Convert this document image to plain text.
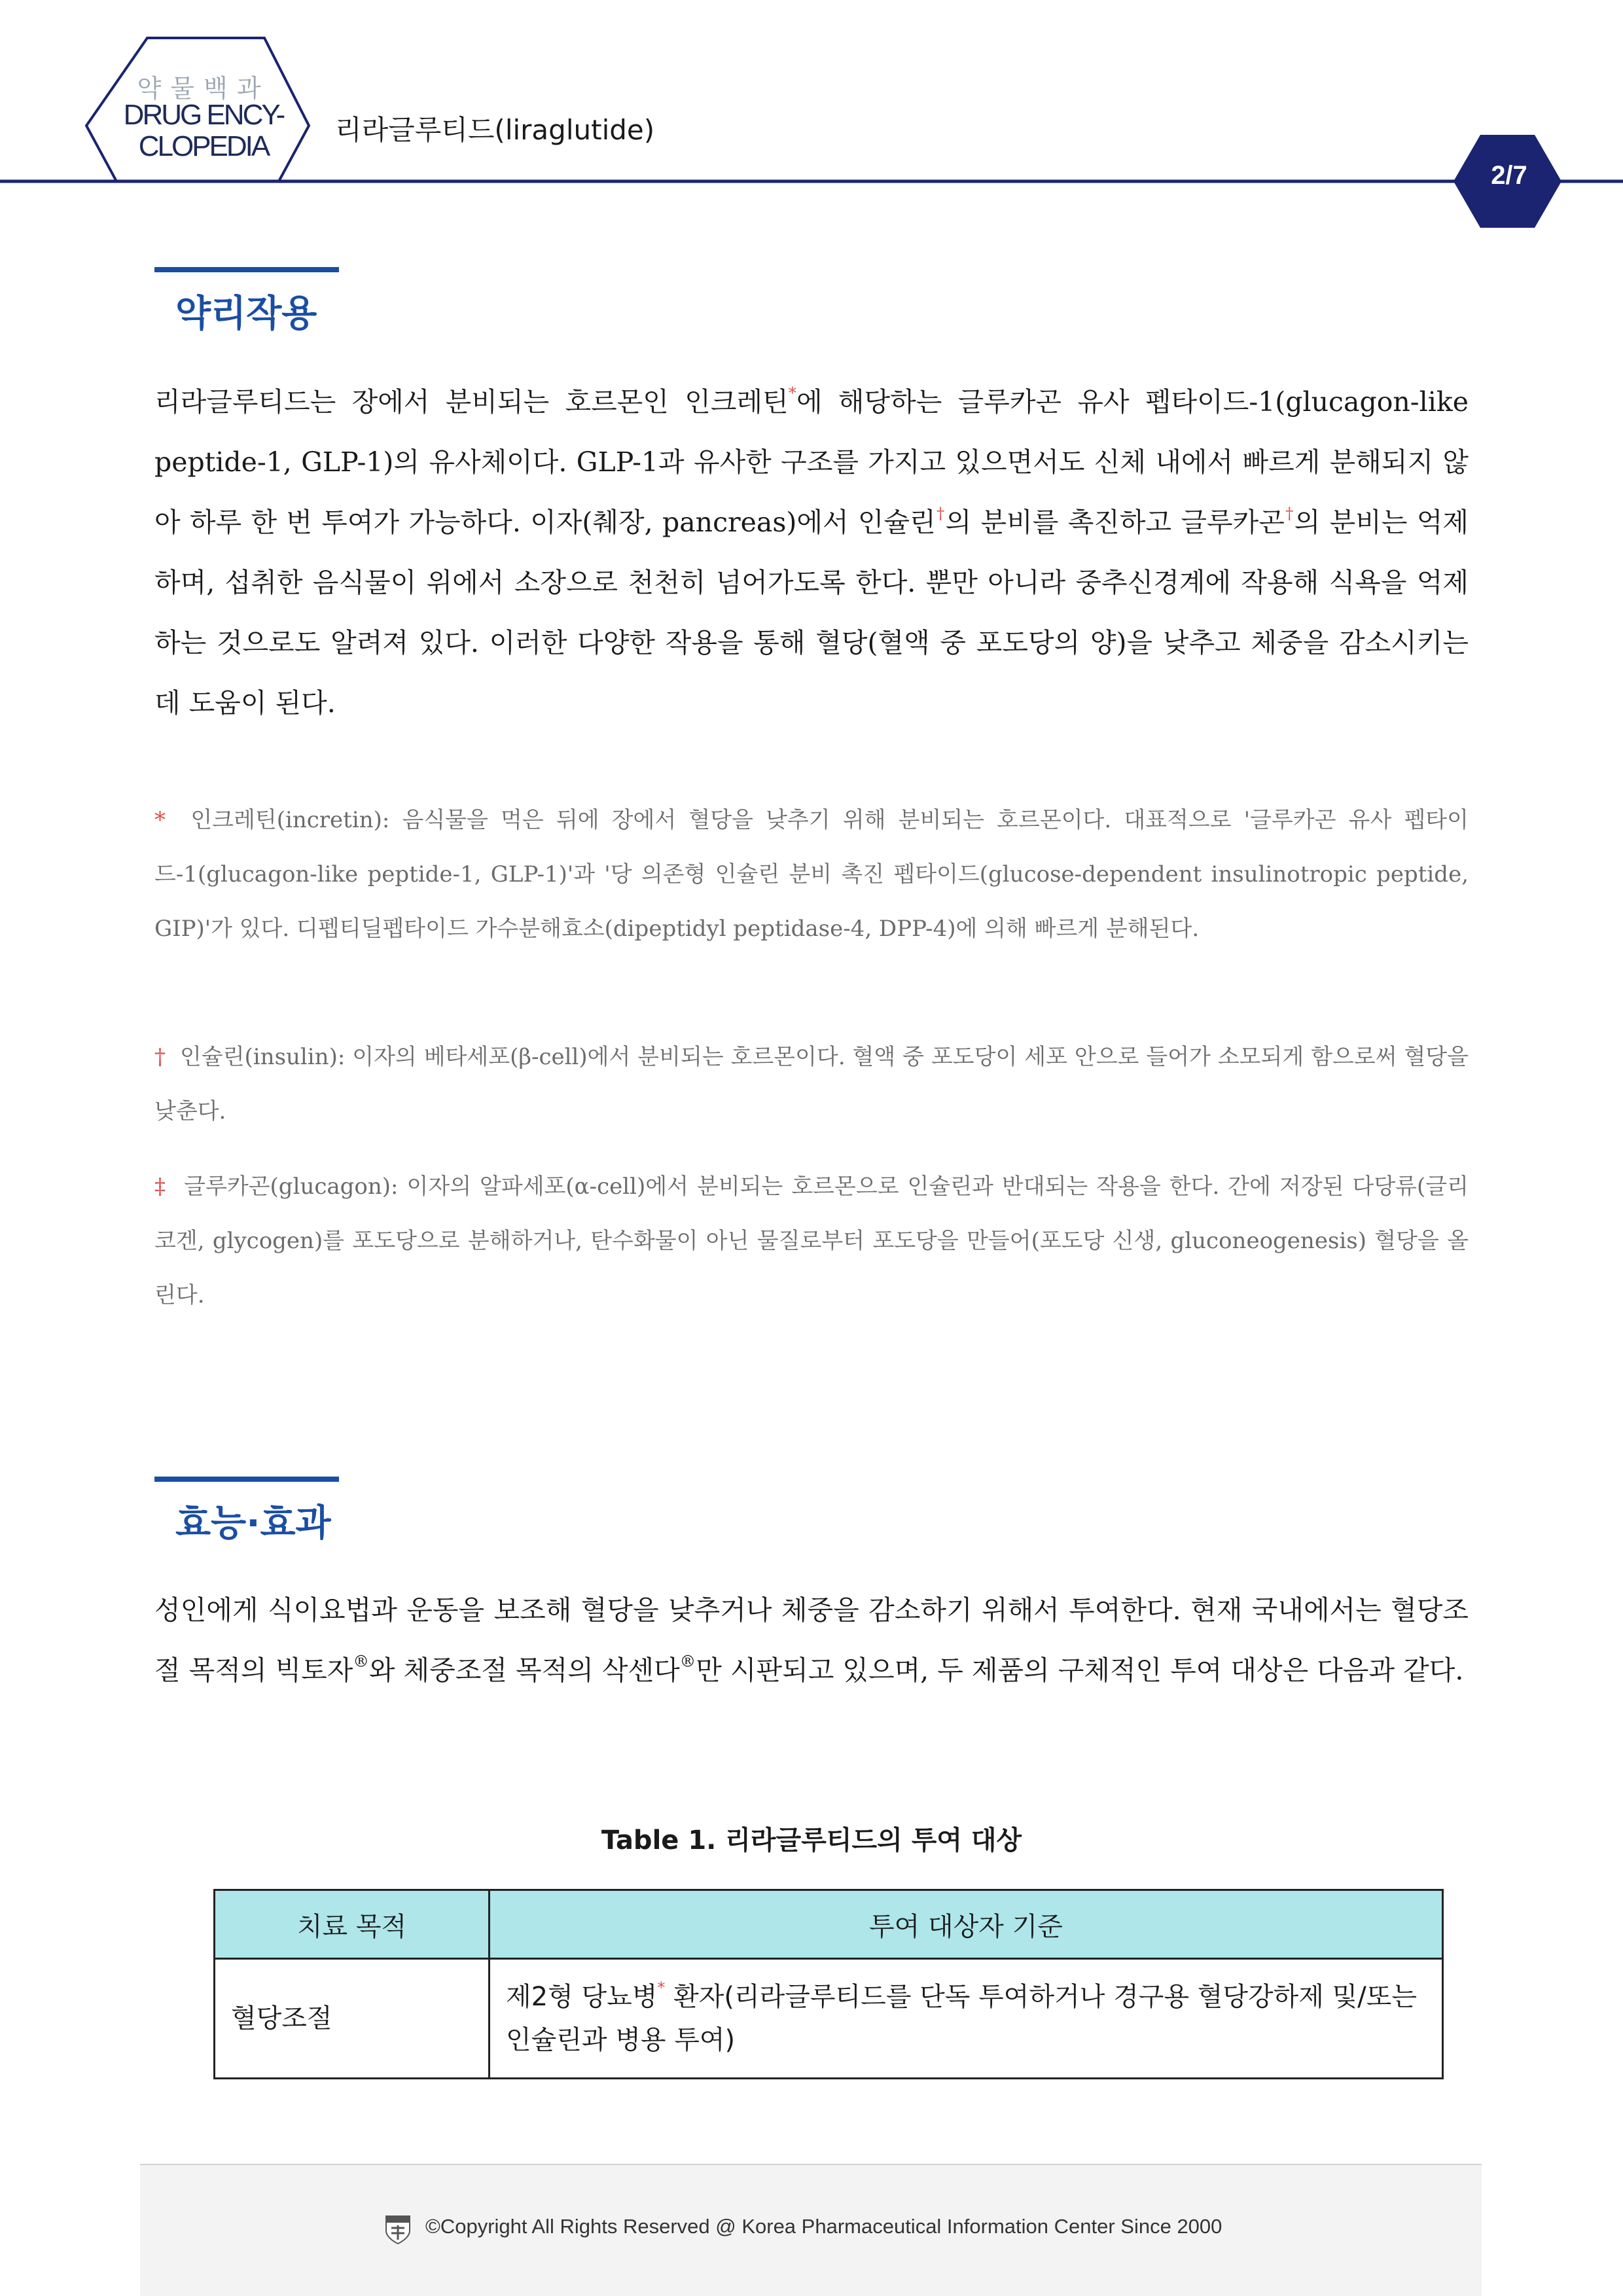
약물백과
DRUG ENCY-
CLOPEDIA
리라글루티드(liraglutide)
2/7
약리작용

리라글루티드는 장에서 분비되는 호르몬인 인크레틴*에 해당하는 글루카곤 유사 펩타이드-1(glucagon-like peptide-1, GLP-1)의 유사체이다. GLP-1과 유사한 구조를 가지고 있으면서도 신체 내에서 빠르게 분해되지 않아 하루 한 번 투여가 가능하다. 이자(췌장, pancreas)에서 인슐린†의 분비를 촉진하고 글루카곤†의 분비는 억제하며, 섭취한 음식물이 위에서 소장으로 천천히 넘어가도록 한다. 뿐만 아니라 중추신경계에 작용해 식욕을 억제하는 것으로도 알려져 있다. 이러한 다양한 작용을 통해 혈당(혈액 중 포도당의 양)을 낮추고 체중을 감소시키는 데 도움이 된다.

* 인크레틴(incretin): 음식물을 먹은 뒤에 장에서 혈당을 낮추기 위해 분비되는 호르몬이다. 대표적으로 '글루카곤 유사 펩타이드-1(glucagon-like peptide-1, GLP-1)'과 '당 의존형 인슐린 분비 촉진 펩타이드(glucose-dependent insulinotropic peptide, GIP)'가 있다. 디펩티딜펩타이드 가수분해효소(dipeptidyl peptidase-4, DPP-4)에 의해 빠르게 분해된다.

† 인슐린(insulin): 이자의 베타세포(β-cell)에서 분비되는 호르몬이다. 혈액 중 포도당이 세포 안으로 들어가 소모되게 함으로써 혈당을 낮춘다.

‡ 글루카곤(glucagon): 이자의 알파세포(α-cell)에서 분비되는 호르몬으로 인슐린과 반대되는 작용을 한다. 간에 저장된 다당류(글리코겐, glycogen)를 포도당으로 분해하거나, 탄수화물이 아닌 물질로부터 포도당을 만들어(포도당 신생, gluconeogenesis) 혈당을 올린다.

효능·효과

성인에게 식이요법과 운동을 보조해 혈당을 낮추거나 체중을 감소하기 위해서 투여한다. 현재 국내에서는 혈당조절 목적의 빅토자®와 체중조절 목적의 삭센다®만 시판되고 있으며, 두 제품의 구체적인 투여 대상은 다음과 같다.

Table 1. 리라글루티드의 투여 대상
치료 목적	투여 대상자 기준
혈당조절	제2형 당뇨병* 환자(리라글루티드를 단독 투여하거나 경구용 혈당강하제 및/또는 인슐린과 병용 투여)
©Copyright All Rights Reserved @ Korea Pharmaceutical Information Center Since 2000
